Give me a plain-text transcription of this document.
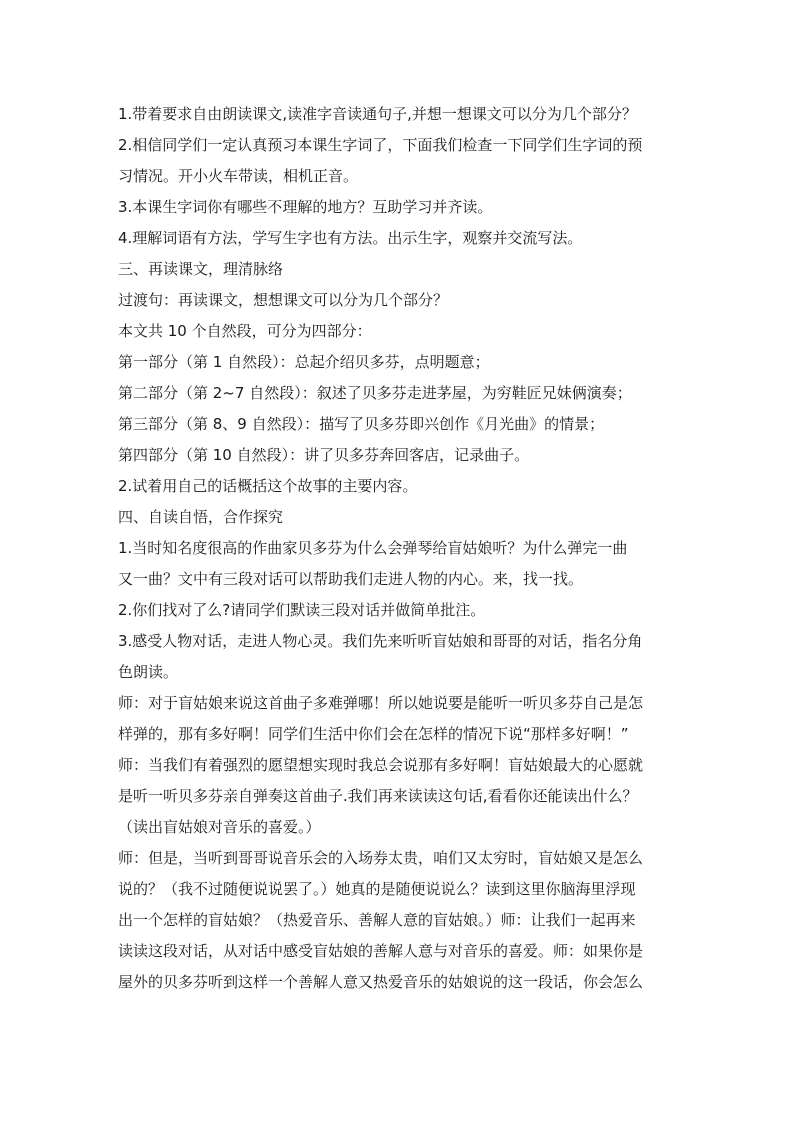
1.带着要求自由朗读课文,读准字音读通句子,并想一想课文可以分为几个部分？

2.相信同学们一定认真预习本课生字词了，下面我们检查一下同学们生字词的预

习情况。开小火车带读，相机正音。

3.本课生字词你有哪些不理解的地方？互助学习并齐读。

4.理解词语有方法，学写生字也有方法。出示生字，观察并交流写法。

三、再读课文，理清脉络

过渡句：再读课文，想想课文可以分为几个部分？

本文共 10 个自然段，可分为四部分：

第一部分（第 1 自然段）：总起介绍贝多芬，点明题意；

第二部分（第 2~7 自然段）：叙述了贝多芬走进茅屋，为穷鞋匠兄妹俩演奏；

第三部分（第 8、9 自然段）：描写了贝多芬即兴创作《月光曲》的情景；

第四部分（第 10 自然段）：讲了贝多芬奔回客店，记录曲子。

2.试着用自己的话概括这个故事的主要内容。

四、自读自悟，合作探究

1.当时知名度很高的作曲家贝多芬为什么会弹琴给盲姑娘听？为什么弹完一曲

又一曲？文中有三段对话可以帮助我们走进人物的内心。来，找一找。

2.你们找对了么?请同学们默读三段对话并做简单批注。

3.感受人物对话，走进人物心灵。我们先来听听盲姑娘和哥哥的对话，指名分角

色朗读。

师：对于盲姑娘来说这首曲子多难弹哪！所以她说要是能听一听贝多芬自己是怎

样弹的，那有多好啊！同学们生活中你们会在怎样的情况下说“那样多好啊！”

师：当我们有着强烈的愿望想实现时我总会说那有多好啊！盲姑娘最大的心愿就

是听一听贝多芬亲自弹奏这首曲子.我们再来读读这句话,看看你还能读出什么？

（读出盲姑娘对音乐的喜爱。）

师：但是，当听到哥哥说音乐会的入场券太贵，咱们又太穷时，盲姑娘又是怎么

说的？（我不过随便说说罢了。）她真的是随便说说么？读到这里你脑海里浮现

出一个怎样的盲姑娘？（热爱音乐、善解人意的盲姑娘。）师：让我们一起再来

读读这段对话，从对话中感受盲姑娘的善解人意与对音乐的喜爱。师：如果你是

屋外的贝多芬听到这样一个善解人意又热爱音乐的姑娘说的这一段话，你会怎么
